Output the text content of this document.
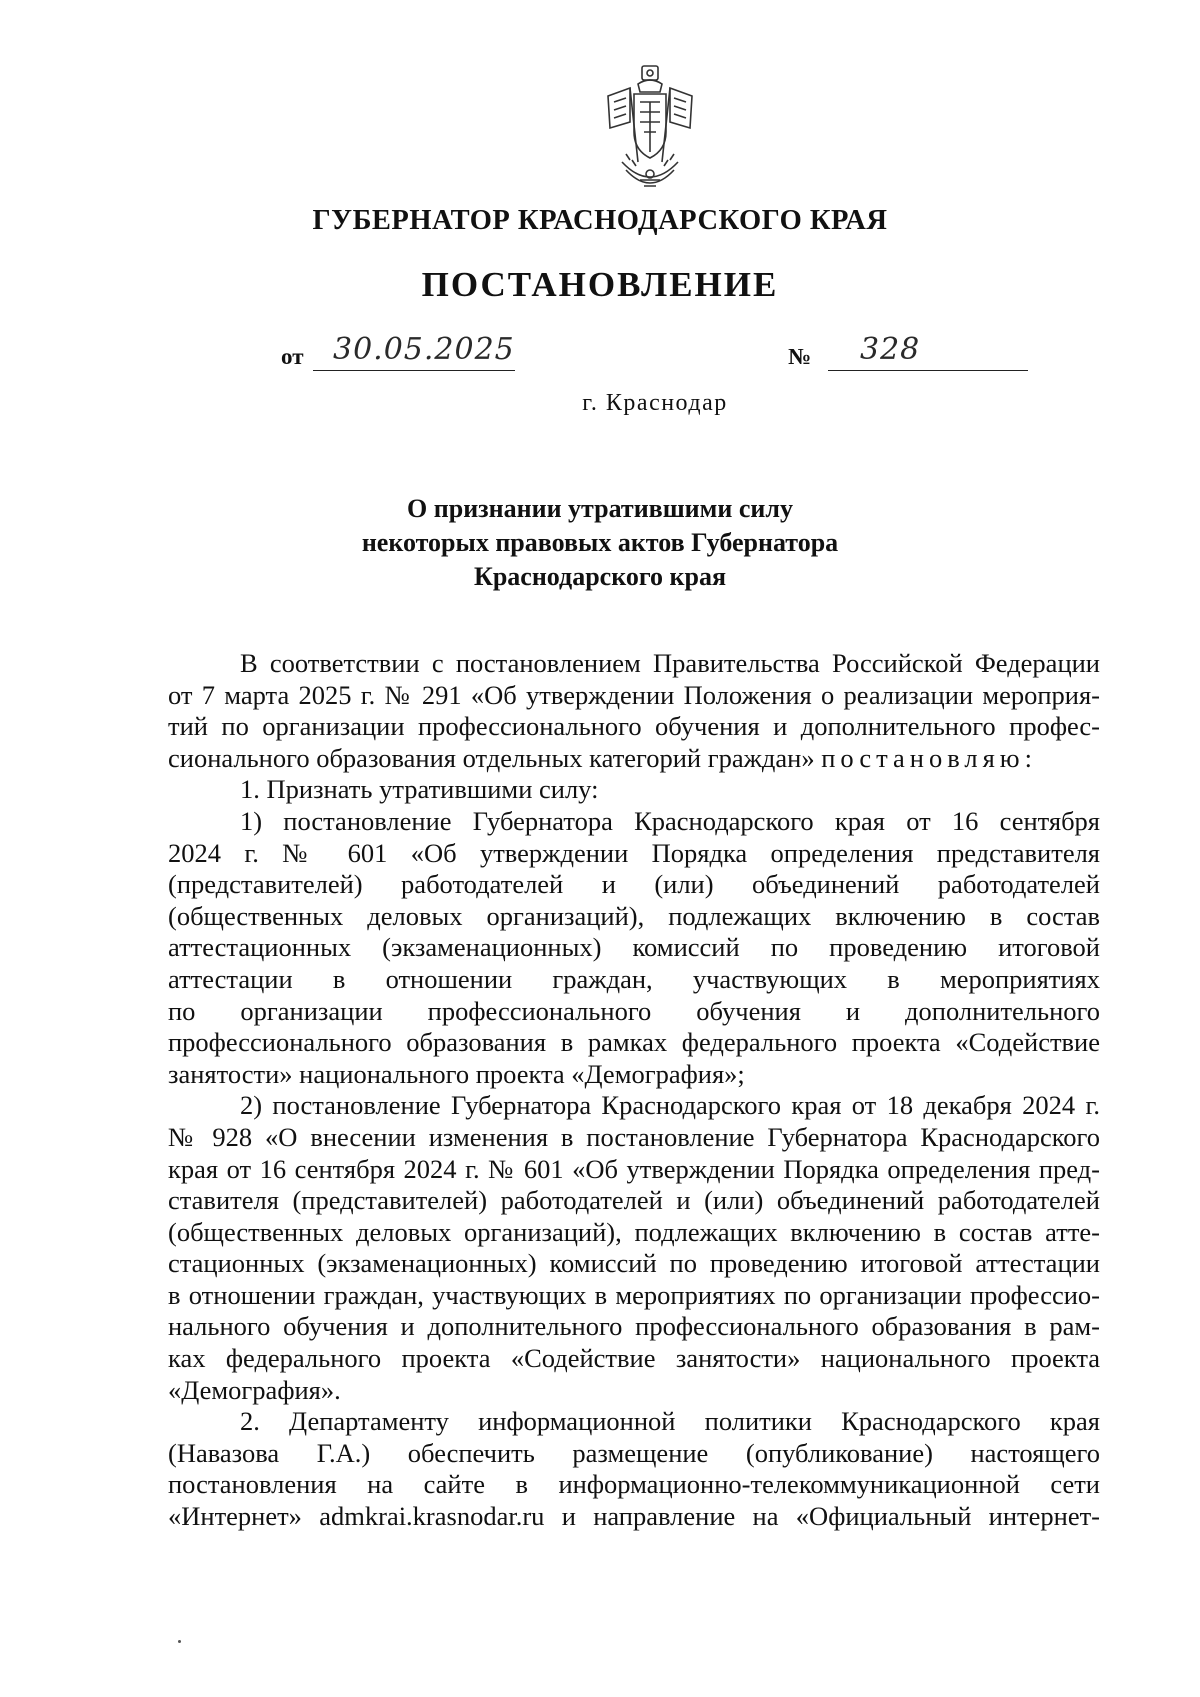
ГУБЕРНАТОР КРАСНОДАРСКОГО КРАЯ
ПОСТАНОВЛЕНИЕ
от 30.05.2025	№ 328
г. Краснодар
О признании утратившими силу
некоторых правовых актов Губернатора
Краснодарского края
В соответствии с постановлением Правительства Российской Федерации
от 7 марта 2025 г. № 291 «Об утверждении Положения о реализации мероприя-
тий по организации профессионального обучения и дополнительного профес-
сионального образования отдельных категорий граждан» постановляю:
1. Признать утратившими силу:
1) постановление Губернатора Краснодарского края от 16 сентября
2024 г. № 601 «Об утверждении Порядка определения представителя
(представителей) работодателей и (или) объединений работодателей
(общественных деловых организаций), подлежащих включению в состав
аттестационных (экзаменационных) комиссий по проведению итоговой
аттестации в отношении граждан, участвующих в мероприятиях
по организации профессионального обучения и дополнительного
профессионального образования в рамках федерального проекта «Содействие
занятости» национального проекта «Демография»;
2) постановление Губернатора Краснодарского края от 18 декабря 2024 г.
№ 928 «О внесении изменения в постановление Губернатора Краснодарского
края от 16 сентября 2024 г. № 601 «Об утверждении Порядка определения пред-
ставителя (представителей) работодателей и (или) объединений работодателей
(общественных деловых организаций), подлежащих включению в состав атте-
стационных (экзаменационных) комиссий по проведению итоговой аттестации
в отношении граждан, участвующих в мероприятиях по организации профессио-
нального обучения и дополнительного профессионального образования в рам-
ках федерального проекта «Содействие занятости» национального проекта
«Демография».
2. Департаменту информационной политики Краснодарского края
(Навазова Г.А.) обеспечить размещение (опубликование) настоящего
постановления на сайте в информационно-телекоммуникационной сети
«Интернет» admkrai.krasnodar.ru и направление на «Официальный интернет-
